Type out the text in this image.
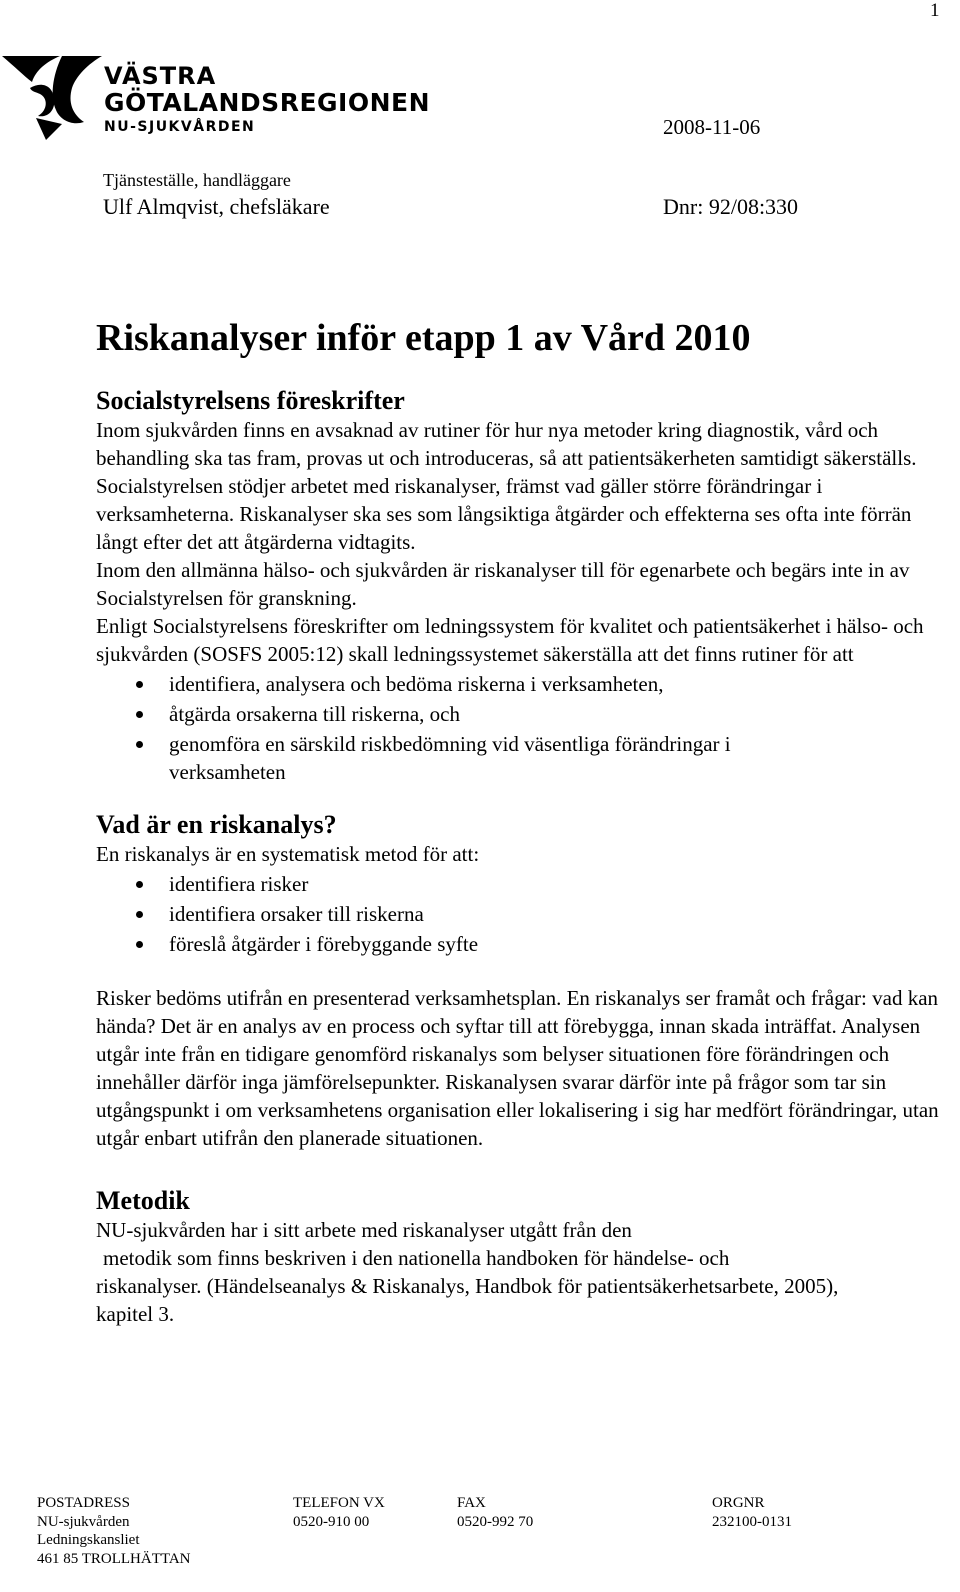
1
VÄSTRA
GÖTALANDSREGIONEN
NU-SJUKVÅRDEN	2008-11-06
Tjänsteställe, handläggare
Ulf Almqvist, chefsläkare	Dnr: 92/08:330
Riskanalyser inför etapp 1 av Vård 2010
Socialstyrelsens föreskrifter

Inom sjukvården finns en avsaknad av rutiner för hur nya metoder kring diagnostik, vård och behandling ska tas fram, provas ut och introduceras, så att patientsäkerheten samtidigt säkerställs. Socialstyrelsen stödjer arbetet med riskanalyser, främst vad gäller större förändringar i verksamheterna. Riskanalyser ska ses som långsiktiga åtgärder och effekterna ses ofta inte förrän långt efter det att åtgärderna vidtagits.

Inom den allmänna hälso- och sjukvården är riskanalyser till för egenarbete och begärs inte in av Socialstyrelsen för granskning.

Enligt Socialstyrelsens föreskrifter om ledningssystem för kvalitet och patientsäkerhet i hälso- och sjukvården (SOSFS 2005:12) skall ledningssystemet säkerställa att det finns rutiner för att

identifiera, analysera och bedöma riskerna i verksamheten,
åtgärda orsakerna till riskerna, och
genomföra en särskild riskbedömning vid väsentliga förändringar i verksamheten
Vad är en riskanalys?

En riskanalys är en systematisk metod för att:

identifiera risker
identifiera orsaker till riskerna
föreslå åtgärder i förebyggande syfte

Risker bedöms utifrån en presenterad verksamhetsplan. En riskanalys ser framåt och frågar: vad kan hända? Det är en analys av en process och syftar till att förebygga, innan skada inträffat. Analysen utgår inte från en tidigare genomförd riskanalys som belyser situationen före förändringen och innehåller därför inga jämförelsepunkter. Riskanalysen svarar därför inte på frågor som tar sin utgångspunkt i om verksamhetens organisation eller lokalisering i sig har medfört förändringar, utan utgår enbart utifrån den planerade situationen.

Metodik

NU-sjukvården har i sitt arbete med riskanalyser utgått från den

metodik som finns beskriven i den nationella handboken för händelse- och

riskanalyser. (Händelseanalys & Riskanalys, Handbok för patientsäkerhetsarbete, 2005), kapitel 3.

POSTADRESS
NU-sjukvården
Ledningskansliet
461 85 TROLLHÄTTAN
TELEFON VX
0520-910 00
FAX
0520-992 70
ORGNR
232100-0131
